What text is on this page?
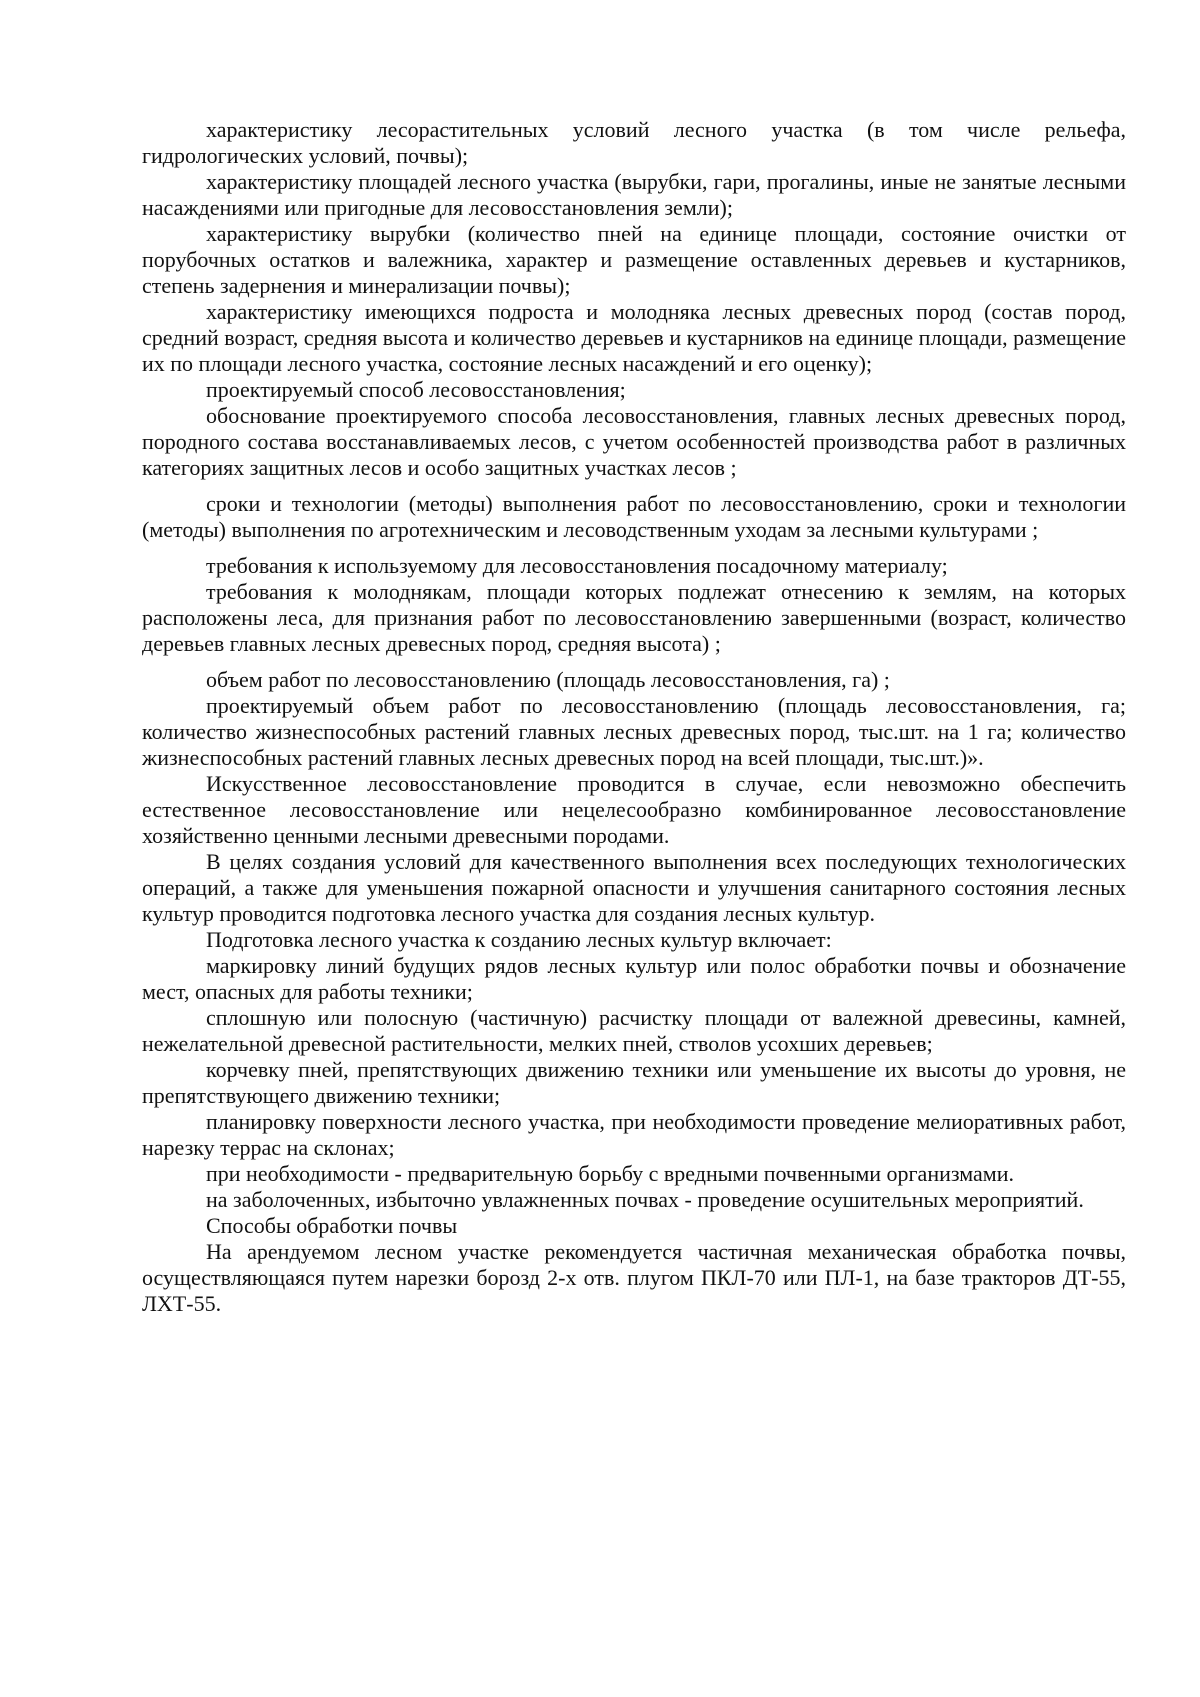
характеристику лесорастительных условий лесного участка (в том числе рельефа, гидрологических условий, почвы);

характеристику площадей лесного участка (вырубки, гари, прогалины, иные не занятые лесными насаждениями или пригодные для лесовосстановления земли);

характеристику вырубки (количество пней на единице площади, состояние очистки от порубочных остатков и валежника, характер и размещение оставленных деревьев и кустарников, степень задернения и минерализации почвы);

характеристику имеющихся подроста и молодняка лесных древесных пород (состав пород, средний возраст, средняя высота и количество деревьев и кустарников на единице площади, размещение их по площади лесного участка, состояние лесных насаждений и его оценку);

проектируемый способ лесовосстановления;

обоснование проектируемого способа лесовосстановления, главных лесных древесных пород, породного состава восстанавливаемых лесов, с учетом особенностей производства работ в различных категориях защитных лесов и особо защитных участках лесов ;

сроки и технологии (методы) выполнения работ по лесовосстановлению, сроки и технологии (методы) выполнения по агротехническим и лесоводственным уходам за лесными культурами ;

требования к используемому для лесовосстановления посадочному материалу;

требования к молоднякам, площади которых подлежат отнесению к землям, на которых расположены леса, для признания работ по лесовосстановлению завершенными (возраст, количество деревьев главных лесных древесных пород, средняя высота) ;

объем работ по лесовосстановлению (площадь лесовосстановления, га) ;

проектируемый объем работ по лесовосстановлению (площадь лесовосстановления, га; количество жизнеспособных растений главных лесных древесных пород, тыс.шт. на 1 га; количество жизнеспособных растений главных лесных древесных пород на всей площади, тыс.шт.)».

Искусственное лесовосстановление проводится в случае, если невозможно обеспечить естественное лесовосстановление или нецелесообразно комбинированное лесовосстановление хозяйственно ценными лесными древесными породами.

В целях создания условий для качественного выполнения всех последующих технологических операций, а также для уменьшения пожарной опасности и улучшения санитарного состояния лесных культур проводится подготовка лесного участка для создания лесных культур.

Подготовка лесного участка к созданию лесных культур включает:

маркировку линий будущих рядов лесных культур или полос обработки почвы и обозначение мест, опасных для работы техники;

сплошную или полосную (частичную) расчистку площади от валежной древесины, камней, нежелательной древесной растительности, мелких пней, стволов усохших деревьев;

корчевку пней, препятствующих движению техники или уменьшение их высоты до уровня, не препятствующего движению техники;

планировку поверхности лесного участка, при необходимости проведение мелиоративных работ, нарезку террас на склонах;

при необходимости - предварительную борьбу с вредными почвенными организмами.

на заболоченных, избыточно увлажненных почвах - проведение осушительных мероприятий.

Способы обработки почвы

На арендуемом лесном участке рекомендуется частичная механическая обработка почвы, осуществляющаяся путем нарезки борозд 2-х отв. плугом ПКЛ-70 или ПЛ-1, на базе тракторов ДТ-55, ЛХТ-55.
